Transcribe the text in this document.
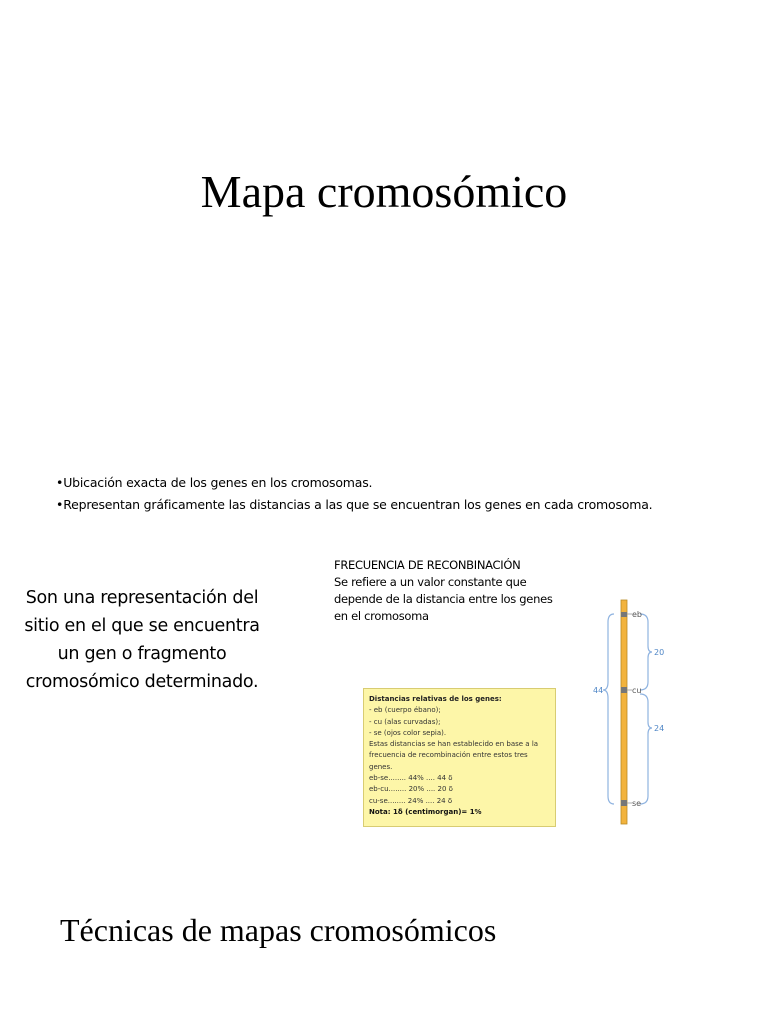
Mapa cromosómico
• Ubicación exacta de los genes en los cromosomas.
• Representan gráficamente las distancias a las que se encuentran los genes en cada cromosoma.
Son una representación del sitio en el que se encuentra un gen o fragmento cromosómico determinado.
FRECUENCIA DE RECONBINACIÓN
Se refiere a un valor constante que depende de la distancia entre los genes en el cromosoma
Distancias relativas de los genes:
- eb (cuerpo ébano);
- cu (alas curvadas);
- se (ojos color sepia).
Estas distancias se han establecido en base a la frecuencia de recombinación entre estos tres genes.
eb-se........ 44% .... 44 δ
eb-cu........ 20% .... 20 δ
cu-se........ 24% .... 24 δ
Nota: 1δ (centimorgan)= 1%
eb
cu
se
20
24
44
Técnicas de mapas cromosómicos
